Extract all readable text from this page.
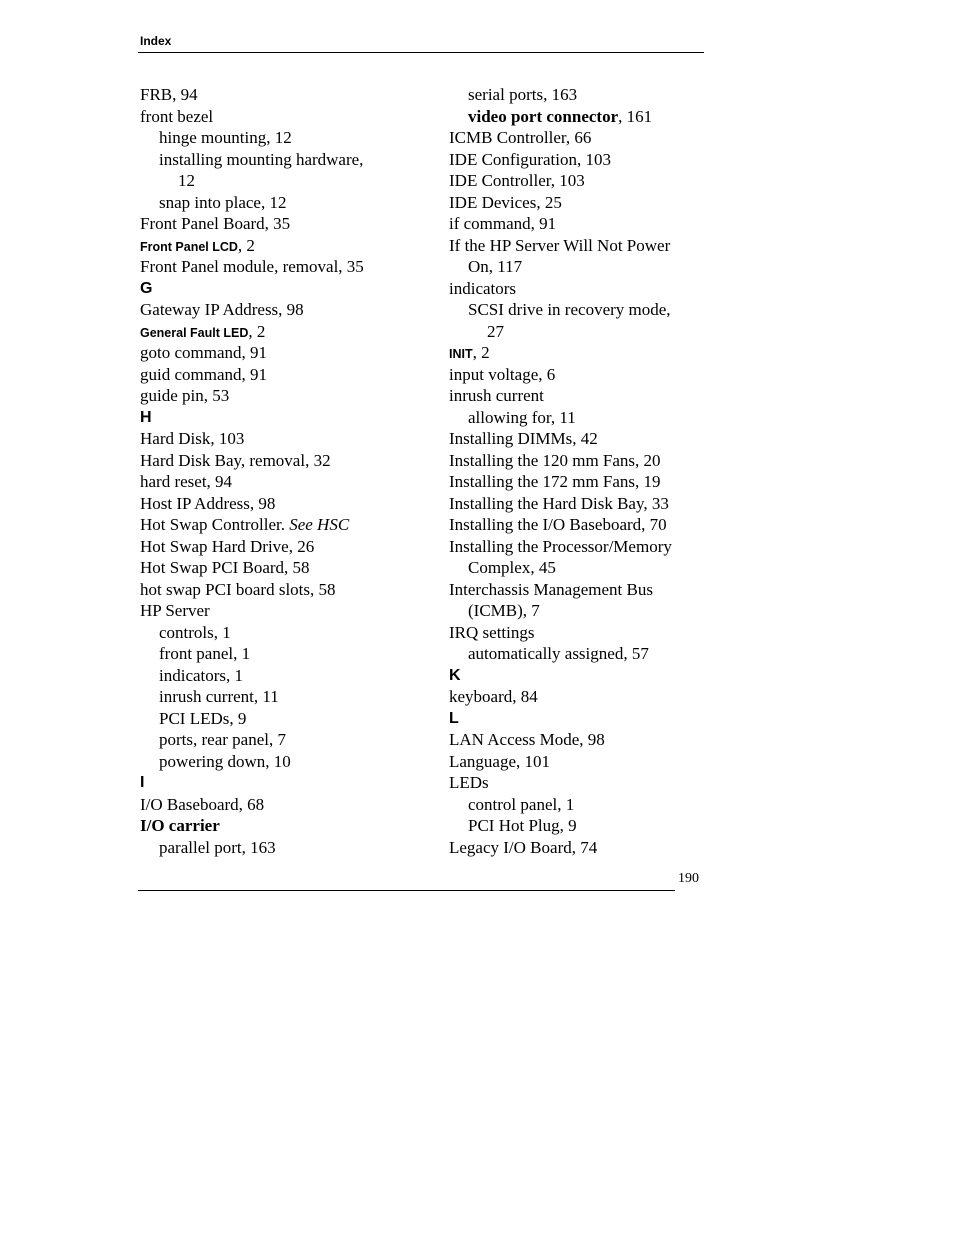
Index
FRB, 94
front bezel
hinge mounting, 12
installing mounting hardware,
12
snap into place, 12
Front Panel Board, 35
Front Panel LCD, 2
Front Panel module, removal, 35
G
Gateway IP Address, 98
General Fault LED, 2
goto command, 91
guid command, 91
guide pin, 53
H
Hard Disk, 103
Hard Disk Bay, removal, 32
hard reset, 94
Host IP Address, 98
Hot Swap Controller. See HSC
Hot Swap Hard Drive, 26
Hot Swap PCI Board, 58
hot swap PCI board slots, 58
HP Server
controls, 1
front panel, 1
indicators, 1
inrush current, 11
PCI LEDs, 9
ports, rear panel, 7
powering down, 10
I
I/O Baseboard, 68
I/O carrier
parallel port, 163
serial ports, 163
video port connector, 161
ICMB Controller, 66
IDE Configuration, 103
IDE Controller, 103
IDE Devices, 25
if command, 91
If the HP Server Will Not Power
On, 117
indicators
SCSI drive in recovery mode,
27
INIT, 2
input voltage, 6
inrush current
allowing for, 11
Installing DIMMs, 42
Installing the 120 mm Fans, 20
Installing the 172 mm Fans, 19
Installing the Hard Disk Bay, 33
Installing the I/O Baseboard, 70
Installing the Processor/Memory
Complex, 45
Interchassis Management Bus
(ICMB), 7
IRQ settings
automatically assigned, 57
K
keyboard, 84
L
LAN Access Mode, 98
Language, 101
LEDs
control panel, 1
PCI Hot Plug, 9
Legacy I/O Board, 74
190
